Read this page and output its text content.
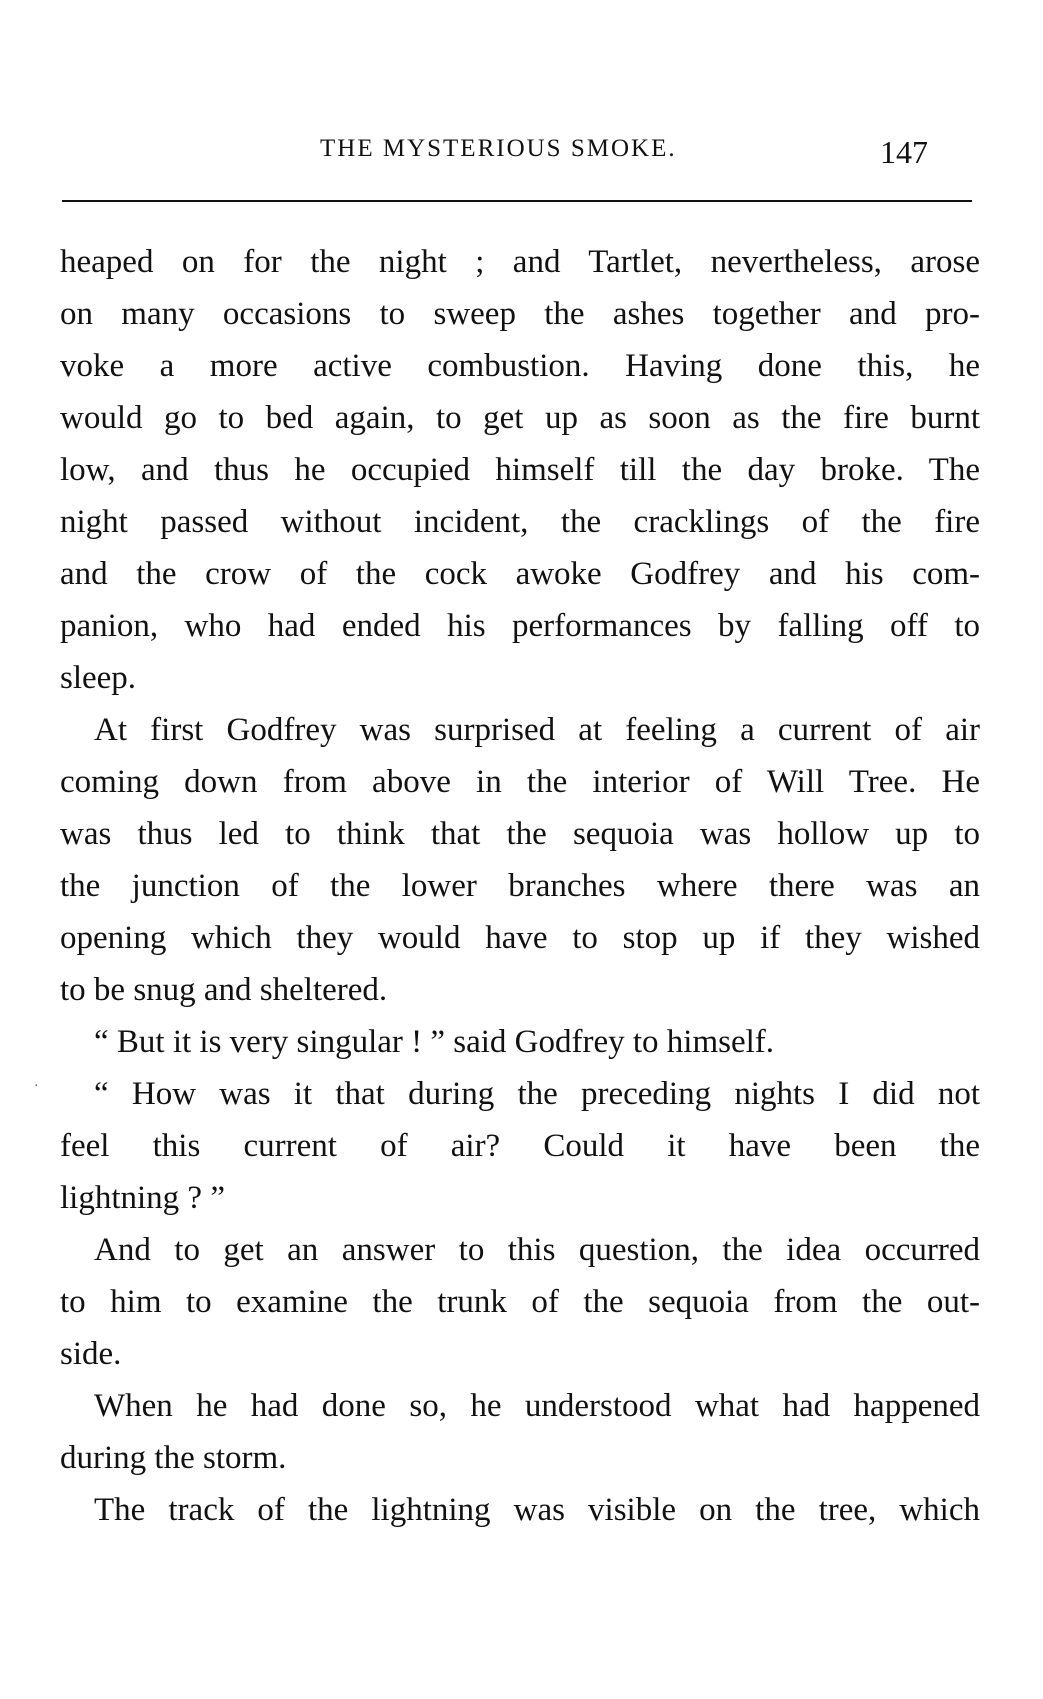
THE MYSTERIOUS SMOKE.	147
·
heaped on for the night ; and Tartlet, nevertheless, arose
on many occasions to sweep the ashes together and pro-
voke a more active combustion. Having done this, he
would go to bed again, to get up as soon as the fire burnt
low, and thus he occupied himself till the day broke. The
night passed without incident, the cracklings of the fire
and the crow of the cock awoke Godfrey and his com-
panion, who had ended his performances by falling off to
sleep.
At first Godfrey was surprised at feeling a current of air
coming down from above in the interior of Will Tree. He
was thus led to think that the sequoia was hollow up to
the junction of the lower branches where there was an
opening which they would have to stop up if they wished
to be snug and sheltered.
“ But it is very singular ! ” said Godfrey to himself.
“ How was it that during the preceding nights I did not
feel this current of air? Could it have been the
lightning ? ”
And to get an answer to this question, the idea occurred
to him to examine the trunk of the sequoia from the out-
side.
When he had done so, he understood what had happened
during the storm.
The track of the lightning was visible on the tree, which
